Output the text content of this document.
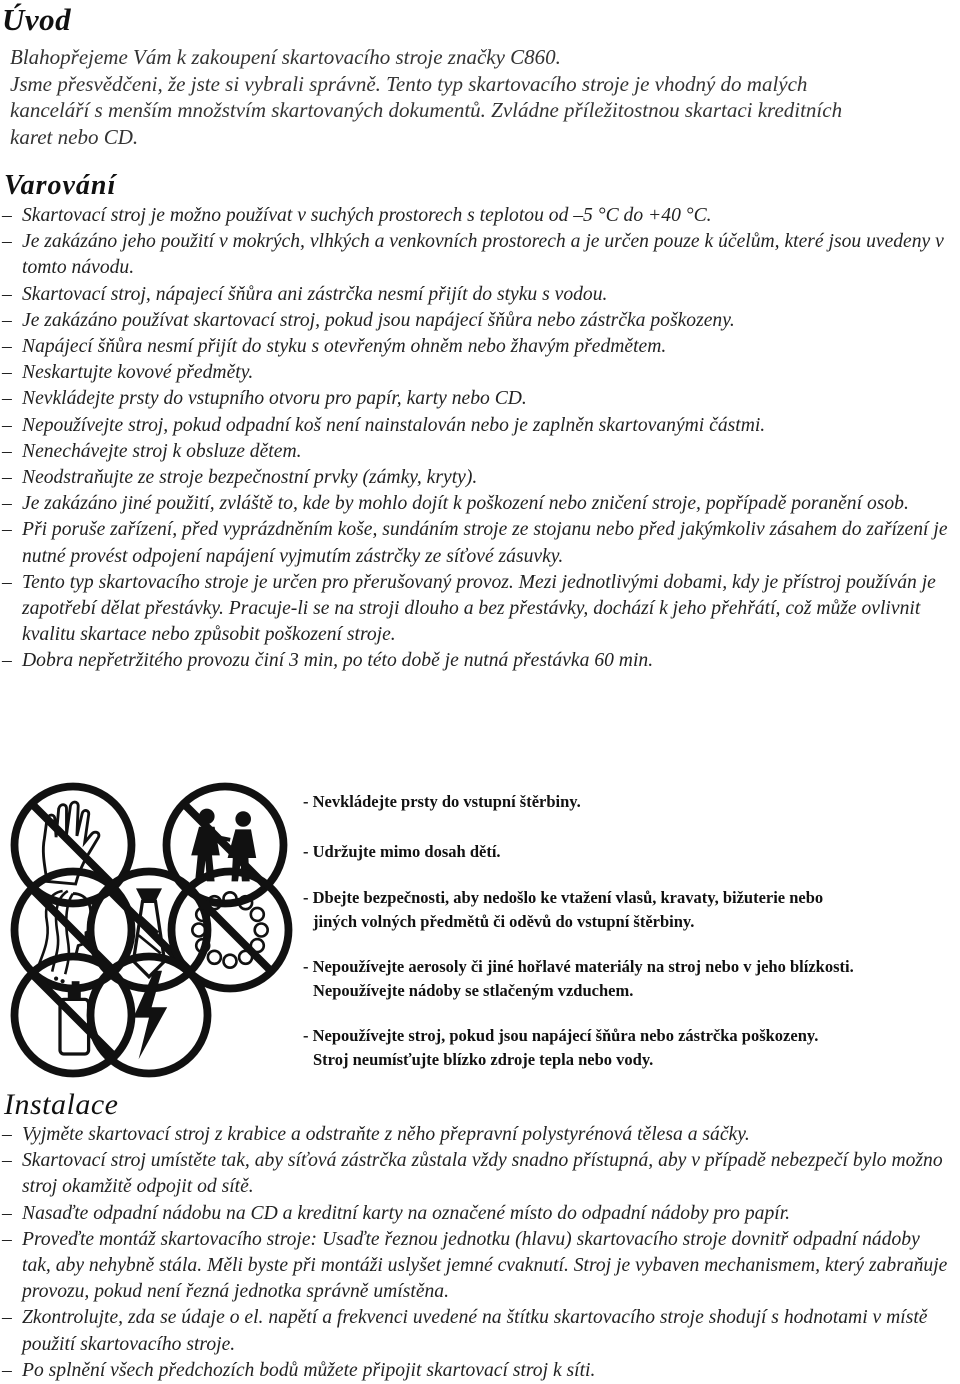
Úvod

Blahopřejeme Vám k zakoupení skartovacího stroje značky C860.

Jsme přesvědčeni, že jste si vybrali správně. Tento typ skartovacího stroje je vhodný do malých

kanceláří s menším množstvím skartovaných dokumentů. Zvládne příležitostnou skartaci kreditních

karet nebo CD.

Varování
– Skartovací stroj je možno používat v suchých prostorech s teplotou od –5 °C do +40 °C.
– Je zakázáno jeho použití v mokrých, vlhkých a venkovních prostorech a je určen pouze k účelům, které jsou uvedeny v tomto návodu.
– Skartovací stroj, nápajecí šňůra ani zástrčka nesmí přijít do styku s vodou.
– Je zakázáno používat skartovací stroj, pokud jsou napájecí šňůra nebo zástrčka poškozeny.
– Napájecí šňůra nesmí přijít do styku s otevřeným ohněm nebo žhavým předmětem.
– Neskartujte kovové předměty.
– Nevkládejte prsty do vstupního otvoru pro papír, karty nebo CD.
– Nepoužívejte stroj, pokud odpadní koš není nainstalován nebo je zaplněn skartovanými částmi.
– Nenechávejte stroj k obsluze dětem.
– Neodstraňujte ze stroje bezpečnostní prvky (zámky, kryty).
– Je zakázáno jiné použití, zvláště to, kde by mohlo dojít k poškození nebo zničení stroje, popřípadě poranění osob.
– Při poruše zařízení, před vyprázdněním koše, sundáním stroje ze stojanu nebo před jakýmkoliv zásahem do zařízení je nutné provést odpojení napájení vyjmutím zástrčky ze síťové zásuvky.
– Tento typ skartovacího stroje je určen pro přerušovaný provoz. Mezi jednotlivými dobami, kdy je přístroj používán je zapotřebí dělat přestávky. Pracuje-li se na stroji dlouho a bez přestávky, dochází k jeho přehřátí, což může ovlivnit kvalitu skartace nebo způsobit poškození stroje.
– Dobra nepřetržitého provozu činí 3 min, po této době je nutná přestávka 60 min.

- Nevkládejte prsty do vstupní štěrbiny.

- Udržujte mimo dosah dětí.

- Dbejte bezpečnosti, aby nedošlo ke vtažení vlasů, kravaty, bižuterie nebo

jiných volných předmětů či oděvů do vstupní štěrbiny.

- Nepoužívejte aerosoly či jiné hořlavé materiály na stroj nebo v jeho blízkosti.

Nepoužívejte nádoby se stlačeným vzduchem.

- Nepoužívejte stroj, pokud jsou napájecí šňůra nebo zástrčka poškozeny.

Stroj neumísťujte blízko zdroje tepla nebo vody.

Instalace
– Vyjměte skartovací stroj z krabice a odstraňte z něho přepravní polystyrénová tělesa a sáčky.
– Skartovací stroj umístěte tak, aby síťová zástrčka zůstala vždy snadno přístupná, aby v případě nebezpečí bylo možno stroj okamžitě odpojit od sítě.
– Nasaďte odpadní nádobu na CD a kreditní karty na označené místo do odpadní nádoby pro papír.
– Proveďte montáž skartovacího stroje: Usaďte řeznou jednotku (hlavu) skartovacího stroje dovnitř odpadní nádoby tak, aby nehybně stála. Měli byste při montáži uslyšet jemné cvaknutí. Stroj je vybaven mechanismem, který zabraňuje provozu, pokud není řezná jednotka správně umístěna.
– Zkontrolujte, zda se údaje o el. napětí a frekvenci uvedené na štítku skartovacího stroje shodují s hodnotami v místě použití skartovacího stroje.
– Po splnění všech předchozích bodů můžete připojit skartovací stroj k síti.
